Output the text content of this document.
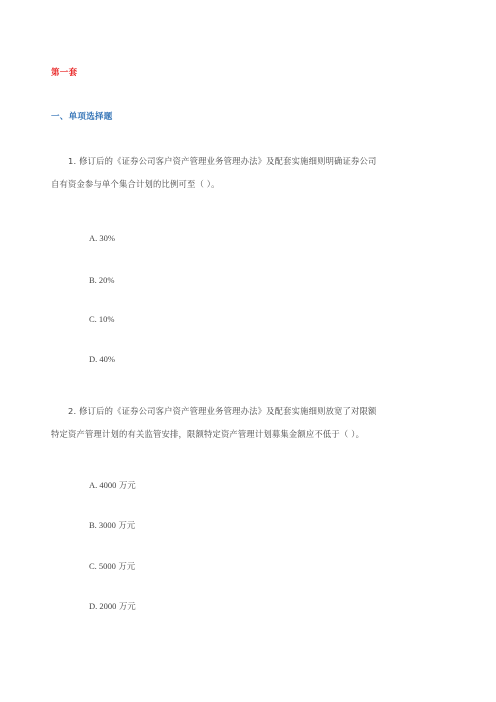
第一套
一、单项选择题
1. 修订后的《证券公司客户资产管理业务管理办法》及配套实施细则明确证券公司
自有资金参与单个集合计划的比例可至（ ）。
A. 30%
B. 20%
C. 10%
D. 40%
2. 修订后的《证券公司客户资产管理业务管理办法》及配套实施细则放宽了对限额
特定资产管理计划的有关监管安排，限额特定资产管理计划募集金额应不低于（ ）。
A. 4000 万元
B. 3000 万元
C. 5000 万元
D. 2000 万元
